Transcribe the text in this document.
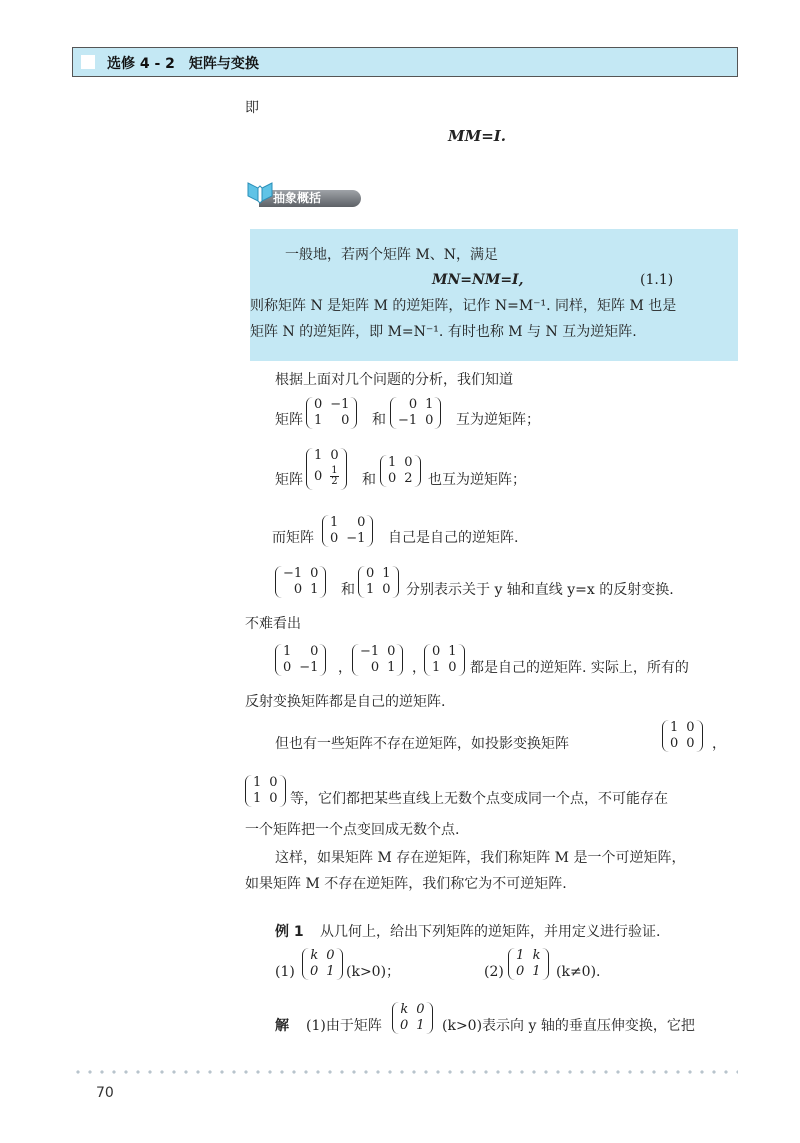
选修 4 - 2　矩阵与变换
即
MM=I.
抽象概括
一般地，若两个矩阵 M、N，满足
MN=NM=I,	(1.1)
则称矩阵 N 是矩阵 M 的逆矩阵，记作 N=M⁻¹. 同样，矩阵 M 也是
矩阵 N 的逆矩阵，即 M=N⁻¹. 有时也称 M 与 N 互为逆矩阵.
根据上面对几个问题的分析，我们知道
矩阵
0	−1
1	0 和
0	1
−1	0 互为逆矩阵；
矩阵
1	0
0	$\frac{1}{2}$ 和
1	0
0	2 也互为逆矩阵；
而矩阵
1	0
0	−1 自己是自己的逆矩阵.
−1	0
0	1 和
0	1
1	0 分别表示关于 y 轴和直线 y=x 的反射变换.
不难看出
1	0
0	−1 ，
−1	0
0	1 ，
0	1
1	0 都是自己的逆矩阵. 实际上，所有的
反射变换矩阵都是自己的逆矩阵.
但也有一些矩阵不存在逆矩阵，如投影变换矩阵
1	0
0	0 ，
1	0
1	0 等，它们都把某些直线上无数个点变成同一个点，不可能存在
一个矩阵把一个点变回成无数个点.
这样，如果矩阵 M 存在逆矩阵，我们称矩阵 M 是一个可逆矩阵，
如果矩阵 M 不存在逆矩阵，我们称它为不可逆矩阵.
例 1 从几何上，给出下列矩阵的逆矩阵，并用定义进行验证.
(1)
k	0
0	1 (k>0)；	(2)
1	k
0	1 (k≠0).
解 (1)由于矩阵
k	0
0	1 (k>0)表示向 y 轴的垂直压伸变换，它把
70
